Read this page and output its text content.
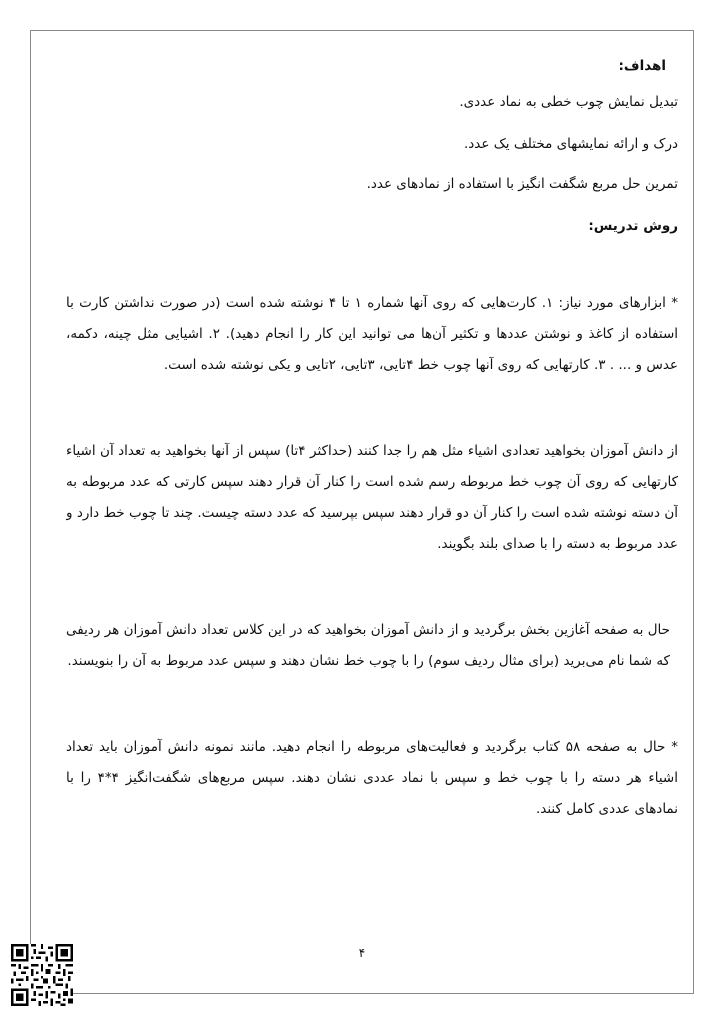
اهداف:
تبدیل نمایش چوب خطی به نماد عددی.
درک و ارائه نمایشهای مختلف یک عدد.
تمرین حل مربع شگفت انگیز با استفاده از نمادهای عدد.
روش تدریس:
* ابزارهای مورد نیاز: ۱. کارت‌هایی که روی آنها شماره ۱ تا ۴ نوشته شده است (در صورت نداشتن کارت با استفاده از کاغذ و نوشتن عددها و تکثیر آن‌ها می توانید این کار را انجام دهید). ۲. اشیایی مثل چینه، دکمه، عدس و ... . ۳. کارتهایی که روی آنها چوب خط ۴تایی، ۳تایی، ۲تایی و یکی نوشته شده است.
از دانش آموزان بخواهید تعدادی اشیاء مثل هم را جدا کنند (حداکثر ۴تا) سپس از آنها بخواهید به تعداد آن اشیاء کارتهایی که روی آن چوب خط مربوطه رسم شده است را کنار آن قرار دهند سپس کارتی که عدد مربوطه به آن دسته نوشته شده است را کنار آن دو قرار دهند سپس بپرسید که عدد دسته چیست. چند تا چوب خط دارد و عدد مربوط به دسته را با صدای بلند بگویند.
حال به صفحه آغازین بخش برگردید و از دانش آموزان بخواهید که در این کلاس تعداد دانش آموزان هر ردیفی که شما نام می‌برید (برای مثال ردیف سوم) را با چوب خط نشان دهند و سپس عدد مربوط به آن را بنویسند.
* حال به صفحه ۵۸ کتاب برگردید و فعالیت‌های مربوطه را انجام دهید. مانند نمونه دانش آموزان باید تعداد اشیاء هر دسته را با چوب خط و سپس با نماد عددی نشان دهند. سپس مربع‌های شگفت‌انگیز ۴*۴ را با نمادهای عددی کامل کنند.
۴
